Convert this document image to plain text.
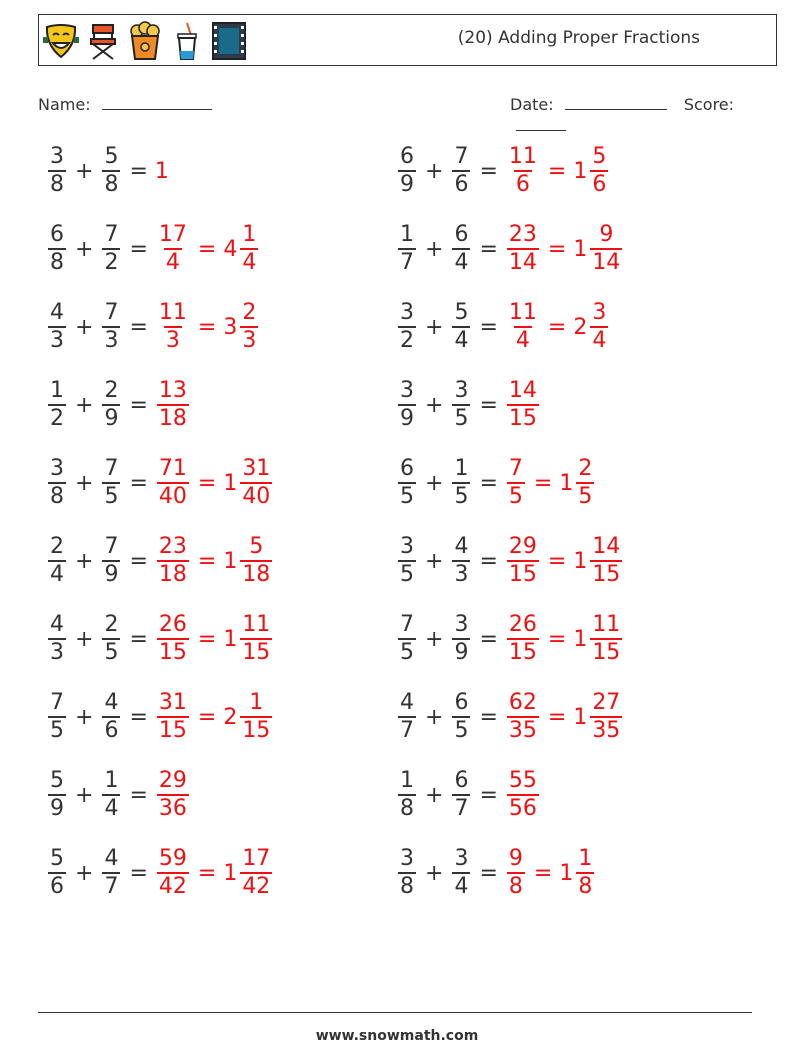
(20) Adding Proper Fractions
Name:	Date:	Score:
$\frac{3}{8} + \frac{5}{8} = 1$
$\frac{6}{8} + \frac{7}{2} = \frac{17}{4} = 4 \frac{1}{4}$
$\frac{4}{3} + \frac{7}{3} = \frac{11}{3} = 3 \frac{2}{3}$
$\frac{1}{2} + \frac{2}{9} = \frac{13}{18}$
$\frac{3}{8} + \frac{7}{5} = \frac{71}{40} = 1 \frac{31}{40}$
$\frac{2}{4} + \frac{7}{9} = \frac{23}{18} = 1 \frac{5}{18}$
$\frac{4}{3} + \frac{2}{5} = \frac{26}{15} = 1 \frac{11}{15}$
$\frac{7}{5} + \frac{4}{6} = \frac{31}{15} = 2 \frac{1}{15}$
$\frac{5}{9} + \frac{1}{4} = \frac{29}{36}$
$\frac{5}{6} + \frac{4}{7} = \frac{59}{42} = 1 \frac{17}{42}$
$\frac{6}{9} + \frac{7}{6} = \frac{11}{6} = 1 \frac{5}{6}$
$\frac{1}{7} + \frac{6}{4} = \frac{23}{14} = 1 \frac{9}{14}$
$\frac{3}{2} + \frac{5}{4} = \frac{11}{4} = 2 \frac{3}{4}$
$\frac{3}{9} + \frac{3}{5} = \frac{14}{15}$
$\frac{6}{5} + \frac{1}{5} = \frac{7}{5} = 1 \frac{2}{5}$
$\frac{3}{5} + \frac{4}{3} = \frac{29}{15} = 1 \frac{14}{15}$
$\frac{7}{5} + \frac{3}{9} = \frac{26}{15} = 1 \frac{11}{15}$
$\frac{4}{7} + \frac{6}{5} = \frac{62}{35} = 1 \frac{27}{35}$
$\frac{1}{8} + \frac{6}{7} = \frac{55}{56}$
$\frac{3}{8} + \frac{3}{4} = \frac{9}{8} = 1 \frac{1}{8}$
www.snowmath.com
